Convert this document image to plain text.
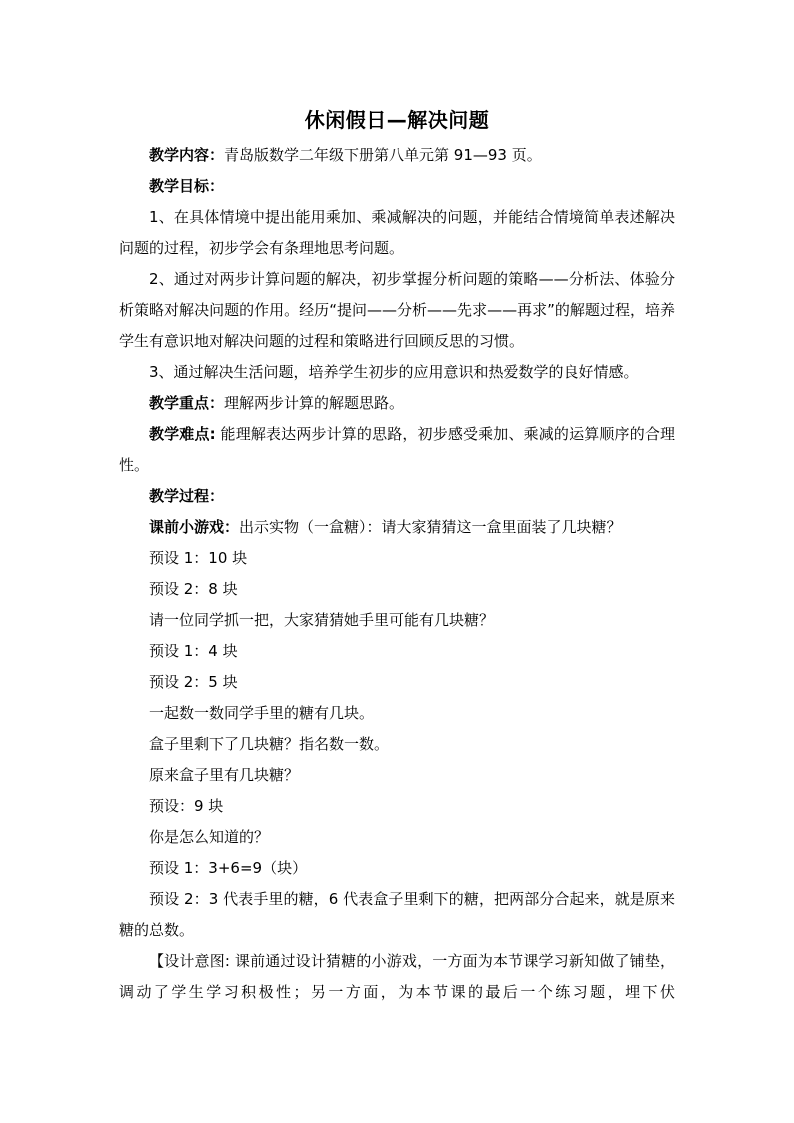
休闲假日—解决问题

教学内容：青岛版数学二年级下册第八单元第 91—93 页。

教学目标：

1、在具体情境中提出能用乘加、乘减解决的问题，并能结合情境简单表述解决问题的过程，初步学会有条理地思考问题。

2、通过对两步计算问题的解决，初步掌握分析问题的策略——分析法、体验分析策略对解决问题的作用。经历“提问——分析——先求——再求”的解题过程，培养学生有意识地对解决问题的过程和策略进行回顾反思的习惯。

3、通过解决生活问题，培养学生初步的应用意识和热爱数学的良好情感。

教学重点：理解两步计算的解题思路。

教学难点: 能理解表达两步计算的思路，初步感受乘加、乘减的运算顺序的合理性。

教学过程：

课前小游戏：出示实物（一盒糖）：请大家猜猜这一盒里面装了几块糖？

预设 1：10 块

预设 2：8 块

请一位同学抓一把，大家猜猜她手里可能有几块糖？

预设 1：4 块

预设 2：5 块

一起数一数同学手里的糖有几块。

盒子里剩下了几块糖？指名数一数。

原来盒子里有几块糖？

预设：9 块

你是怎么知道的？

预设 1：3+6=9（块）

预设 2：3 代表手里的糖，6 代表盒子里剩下的糖，把两部分合起来，就是原来糖的总数。

【设计意图: 课前通过设计猜糖的小游戏，一方面为本节课学习新知做了铺垫，调动了学生学习积极性；另一方面，为本节课的最后一个练习题，埋下伏
